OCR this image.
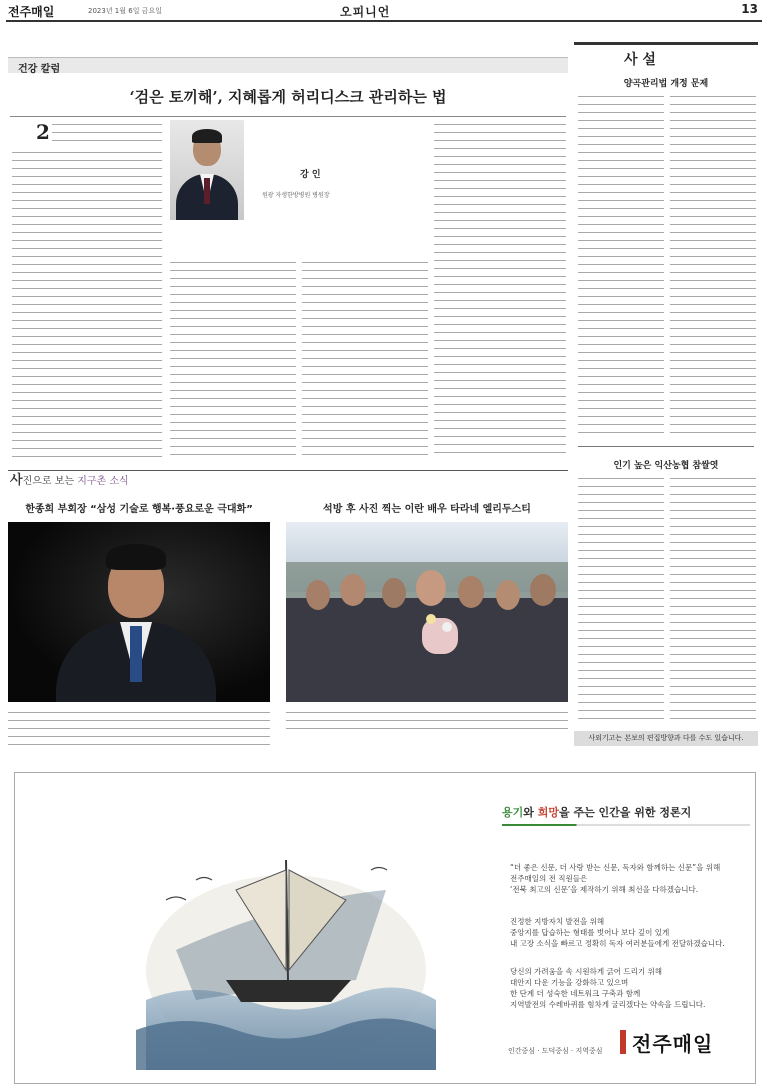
전주매일	2023년 1월 6일 금요일	오피니언	13
건강 칼럼
‘검은 토끼해’, 지혜롭게 허리디스크 관리하는 법
2
강 인
원광 자생한방병원 병원장
사 설
양곡관리법 개정 문제
인기 높은 익산농협 참쌀엿
사외기고는 본보의 편집방향과 다를 수도 있습니다.
사진으로 보는 지구촌 소식
한종희 부회장 “삼성 기술로 행복·풍요로운 극대화”	석방 후 사진 찍는 이란 배우 타라네 엘리두스티
용기와 희망을 주는 인간을 위한 정론지
“더 좋은 신문, 더 사랑 받는 신문, 독자와 함께하는 신문”을 위해
전주매일의 전 직원들은
‘전북 최고의 신문’을 제작하기 위해 최선을 다하겠습니다.
진정한 지방자치 발전을 위해
중앙지를 답습하는 형태를 벗어나 보다 깊이 있게
내 고장 소식을 빠르고 정확히 독자 여러분들에게 전달하겠습니다.
당신의 가려움을 속 시원하게 긁어 드리기 위해
대안지 다운 기능을 강화하고 있으며
한 단계 더 성숙한 네트워크 구축과 함께
지역발전의 수레바퀴를 힘차게 굴리겠다는 약속을 드립니다.
인간중심 · 도덕중심 · 지역중심 전주매일
